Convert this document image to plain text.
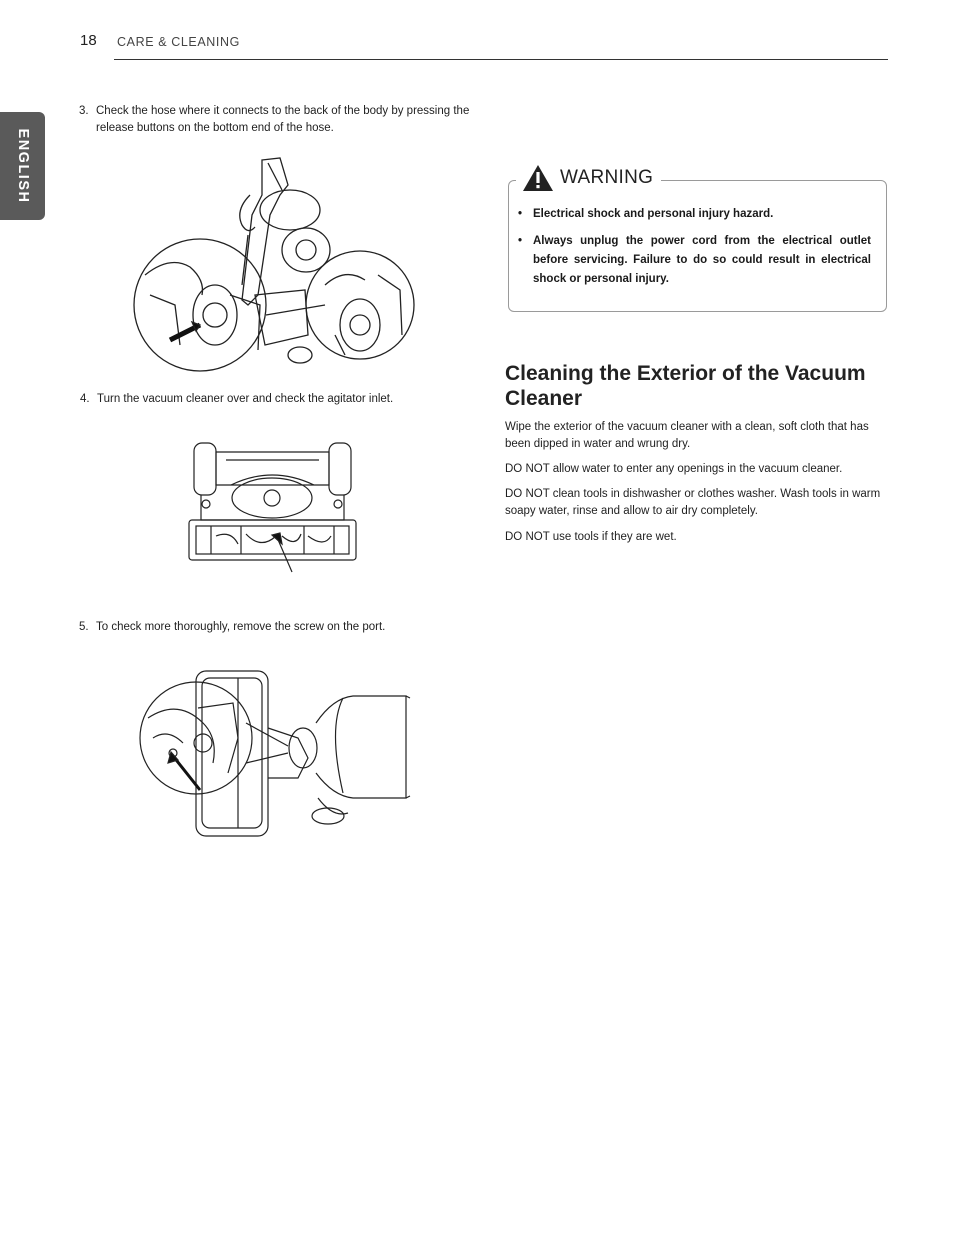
18 CARE & CLEANING
ENGLISH
3. Check the hose where it connects to the back of the body by pressing the release buttons on the bottom end of the hose.
4. Turn the vacuum cleaner over and check the agitator inlet.
5. To check more thoroughly, remove the screw on the port.
WARNING
• Electrical shock and personal injury hazard.
• Always unplug the power cord from the electrical outlet before servicing. Failure to do so could result in electrical shock or personal injury.
Cleaning the Exterior of the Vacuum Cleaner
Wipe the exterior of the vacuum cleaner with a clean, soft cloth that has been dipped in water and wrung dry.
DO NOT allow water to enter any openings in the vacuum cleaner.
DO NOT clean tools in dishwasher or clothes washer. Wash tools in warm soapy water, rinse and allow to air dry completely.
DO NOT use tools if they are wet.
